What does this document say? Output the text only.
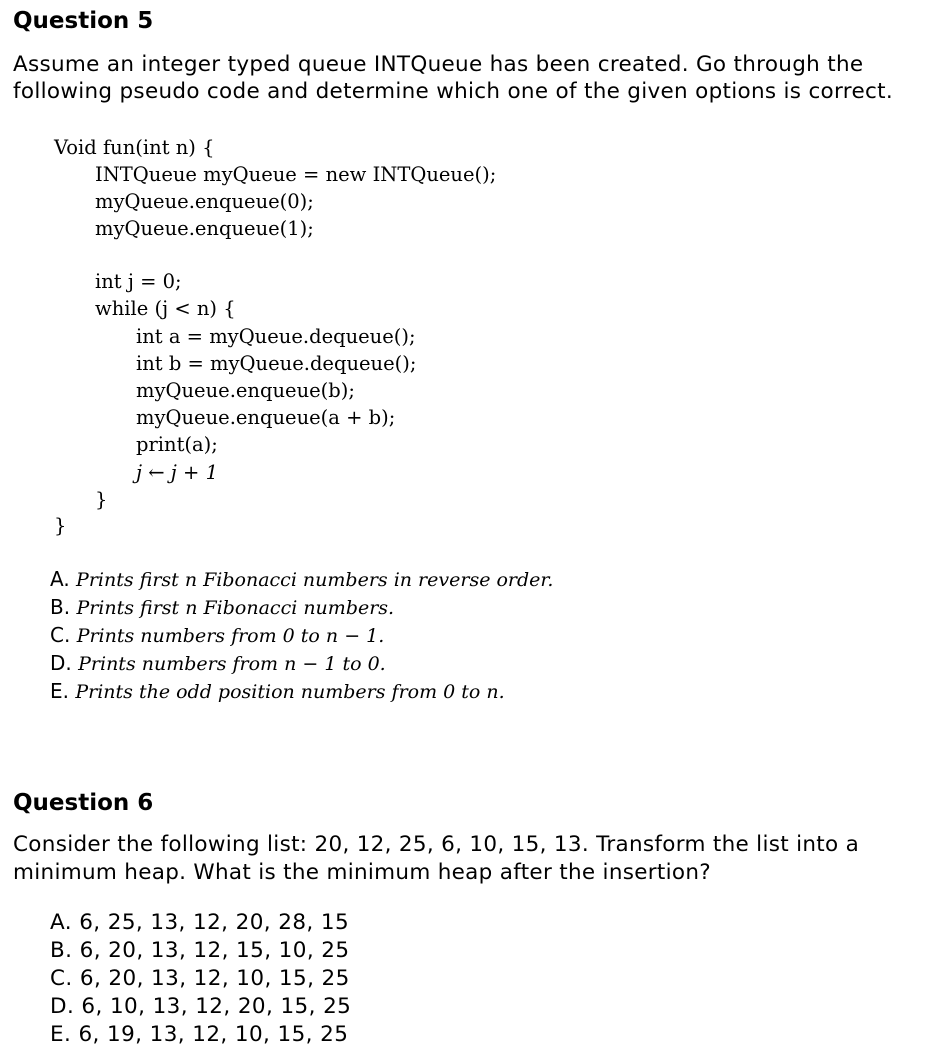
Question 5
Assume an integer typed queue INTQueue has been created. Go through the
following pseudo code and determine which one of the given options is correct.
Void fun(int n) {
INTQueue myQueue = new INTQueue();
myQueue.enqueue(0);
myQueue.enqueue(1);
int j = 0;
while (j < n) {
int a = myQueue.dequeue();
int b = myQueue.dequeue();
myQueue.enqueue(b);
myQueue.enqueue(a + b);
print(a);
j ← j + 1
}
}
A. Prints first n Fibonacci numbers in reverse order.
B. Prints first n Fibonacci numbers.
C. Prints numbers from 0 to n − 1.
D. Prints numbers from n − 1 to 0.
E. Prints the odd position numbers from 0 to n.
Question 6
Consider the following list: 20, 12, 25, 6, 10, 15, 13. Transform the list into a
minimum heap. What is the minimum heap after the insertion?
A. 6, 25, 13, 12, 20, 28, 15
B. 6, 20, 13, 12, 15, 10, 25
C. 6, 20, 13, 12, 10, 15, 25
D. 6, 10, 13, 12, 20, 15, 25
E. 6, 19, 13, 12, 10, 15, 25
